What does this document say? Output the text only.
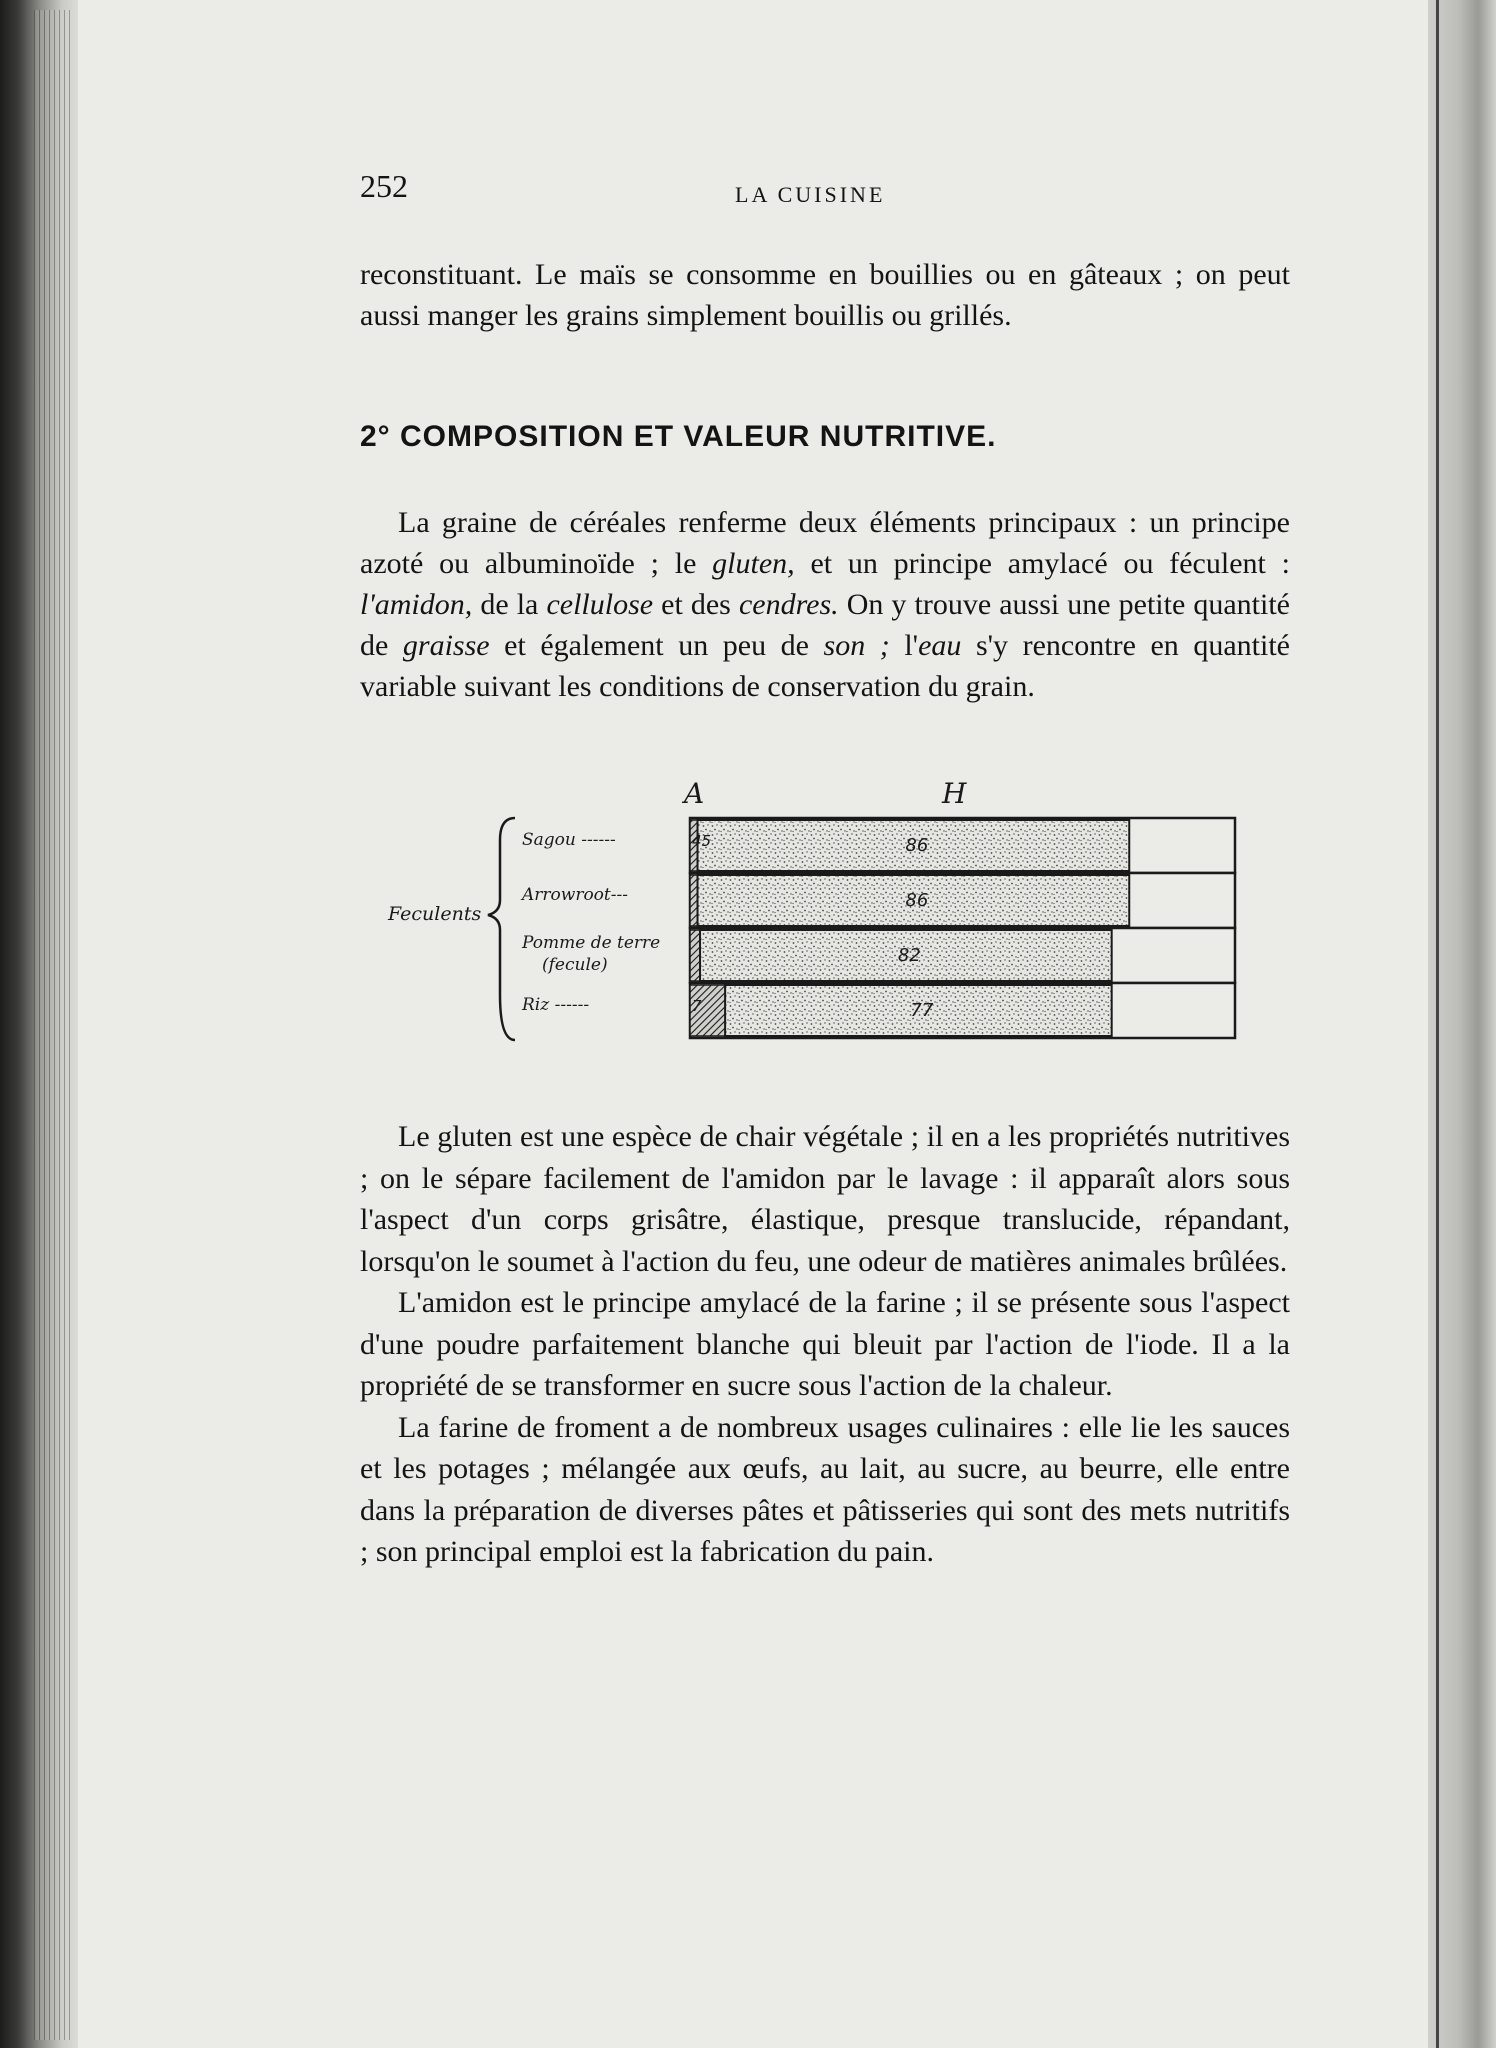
252	LA CUISINE

reconstituant. Le maïs se consomme en bouillies ou en gâteaux ; on peut aussi manger les grains simplement bouillis ou grillés.

2° COMPOSITION ET VALEUR NUTRITIVE.

La graine de céréales renferme deux éléments principaux : un principe azoté ou albuminoïde ; le gluten, et un principe amylacé ou féculent : l'amidon, de la cellulose et des cendres. On y trouve aussi une petite quantité de graisse et également un peu de son ; l'eau s'y rencontre en quantité variable suivant les conditions de conservation du grain.

A	H
Feculents
Sagou ------	45	86
Arrowroot---	86
Pomme de terre
(fecule)	82
Riz ------	7	77

Le gluten est une espèce de chair végétale ; il en a les propriétés nutritives ; on le sépare facilement de l'amidon par le lavage : il apparaît alors sous l'aspect d'un corps grisâtre, élastique, presque translucide, répandant, lorsqu'on le soumet à l'action du feu, une odeur de matières animales brûlées.

L'amidon est le principe amylacé de la farine ; il se présente sous l'aspect d'une poudre parfaitement blanche qui bleuit par l'action de l'iode. Il a la propriété de se transformer en sucre sous l'action de la chaleur.

La farine de froment a de nombreux usages culinaires : elle lie les sauces et les potages ; mélangée aux œufs, au lait, au sucre, au beurre, elle entre dans la préparation de diverses pâtes et pâtisseries qui sont des mets nutritifs ; son principal emploi est la fabrication du pain.
